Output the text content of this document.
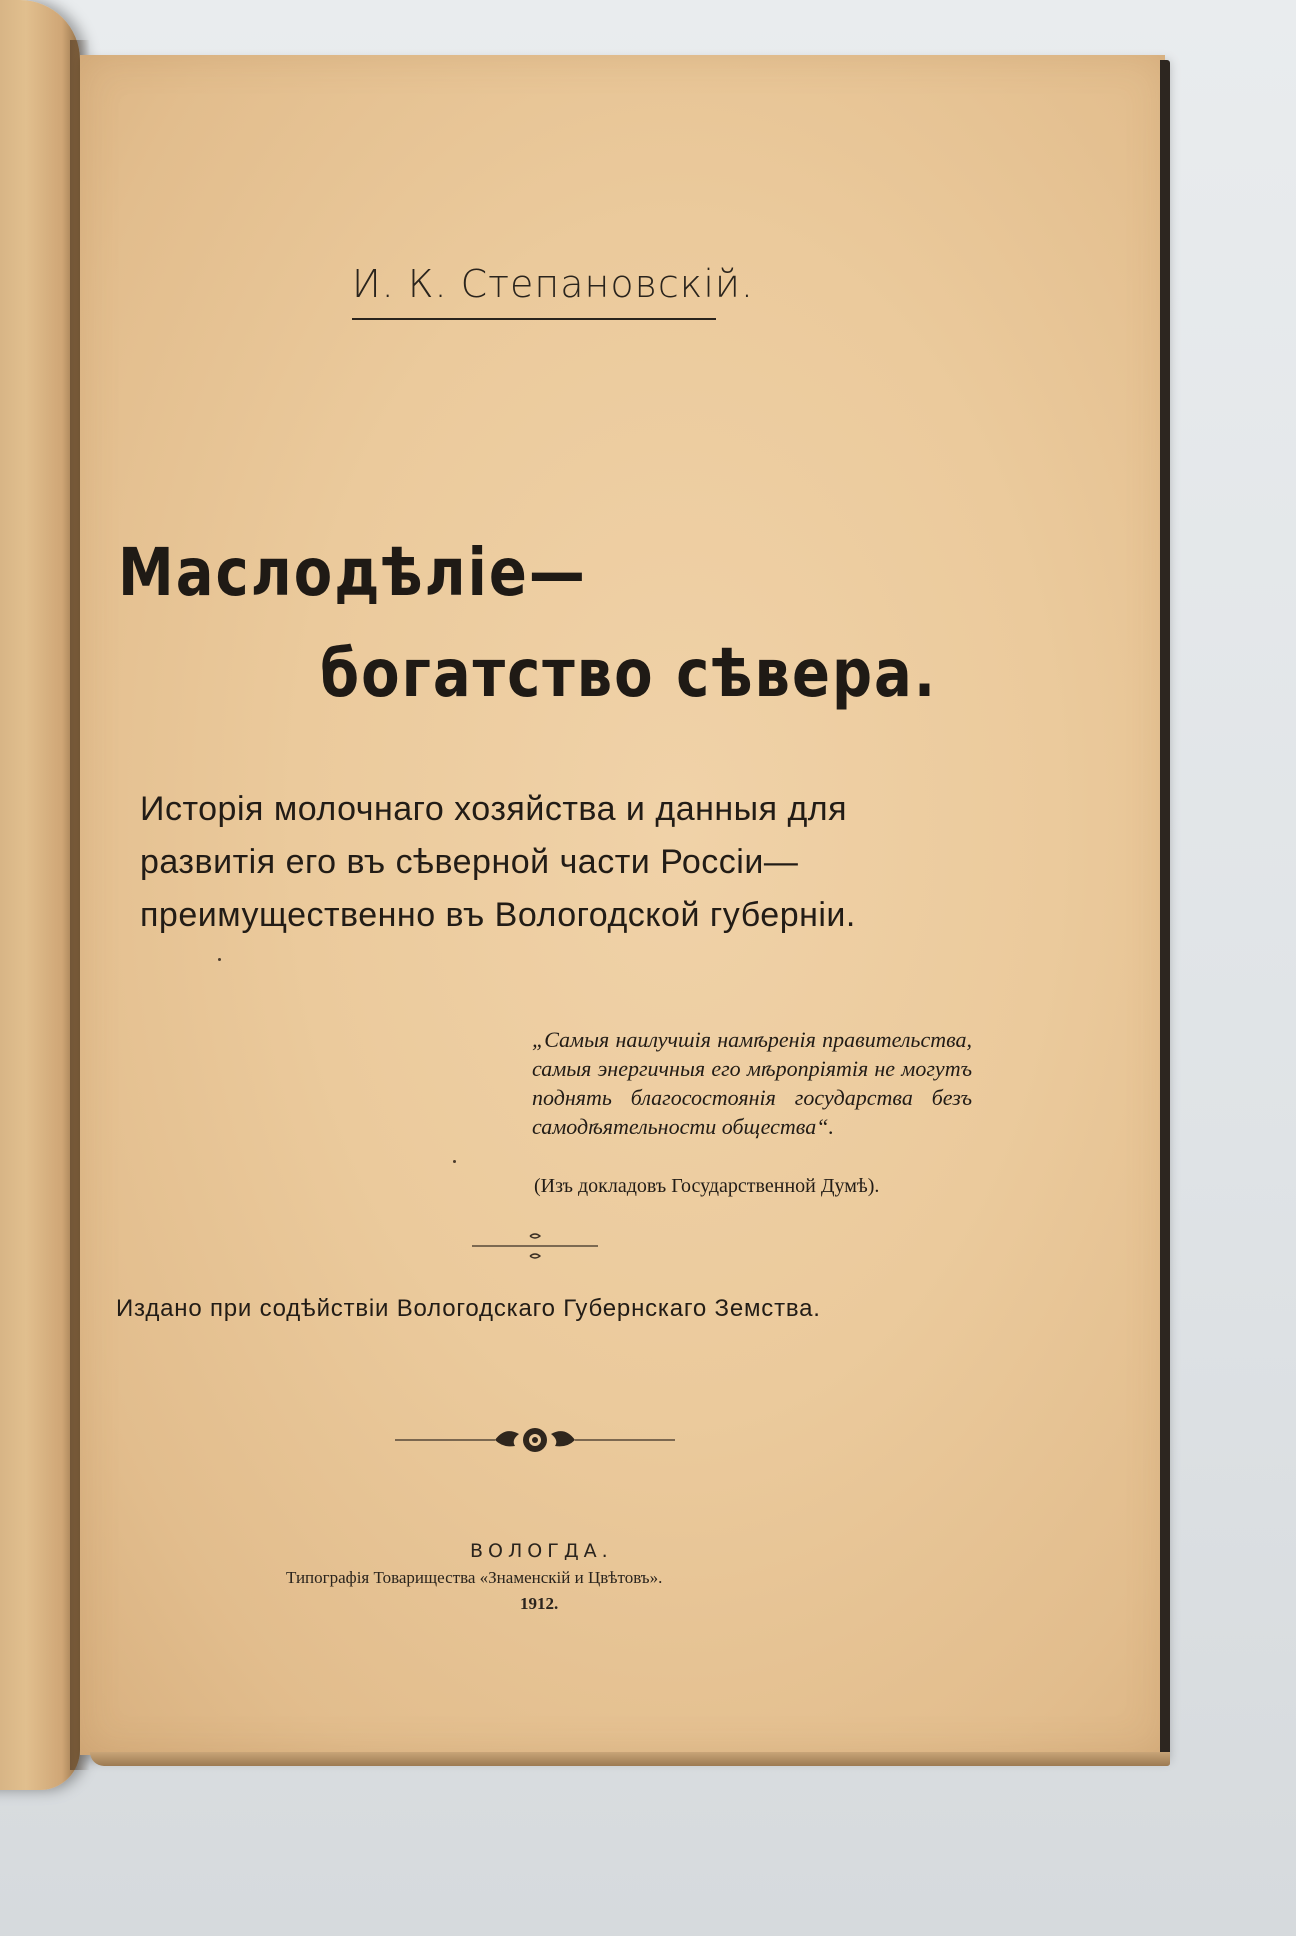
И. К. Степановскій.
Маслодѣліе—
богатство сѣвера.
Исторія молочнаго хозяйства и данныя для
развитія его въ сѣверной части Россіи—
преимущественно въ Вологодской губерніи.
„Самыя наилучшія намѣренія правительства, самыя энергичныя его мѣропріятія не могутъ поднять благосостоянія государства безъ самодѣятельности общества“.
(Изъ докладовъ Государственной Думѣ).
Издано при содѣйствіи Вологодскаго Губернскаго Земства.
ВОЛОГДА.
Типографія Товарищества «Знаменскій и Цвѣтовъ».
1912.
